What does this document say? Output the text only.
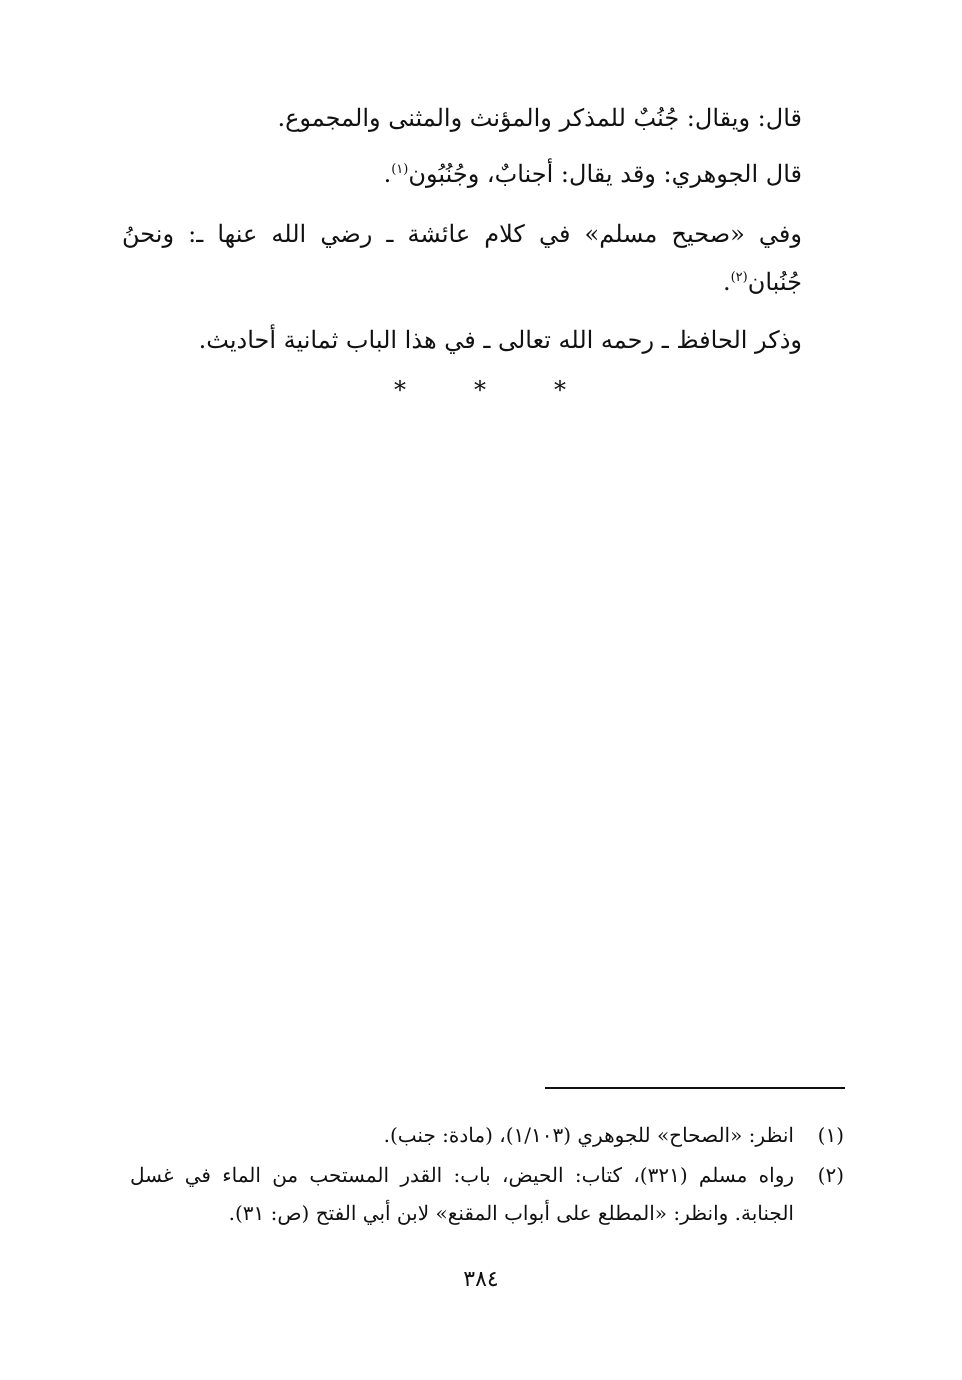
قال: ويقال: جُنُبٌ للمذكر والمؤنث والمثنى والمجموع.
قال الجوهري: وقد يقال: أجنابٌ، وجُنُبُون$^{(١)}$.
وفي «صحيح مسلم» في كلام عائشة ـ رضي الله عنها ـ: ونحنُ
جُنُبان$^{(٢)}$.
وذكر الحافظ ـ رحمه الله تعالى ـ في هذا الباب ثمانية أحاديث.
*
*
*
(١)
انظر: «الصحاح» للجوهري (١/١٠٣)، (مادة: جنب).
(٢)
رواه مسلم (٣٢١)، كتاب: الحيض، باب: القدر المستحب من الماء في غسل
الجنابة. وانظر: «المطلع على أبواب المقنع» لابن أبي الفتح (ص: ٣١).
٣٨٤
